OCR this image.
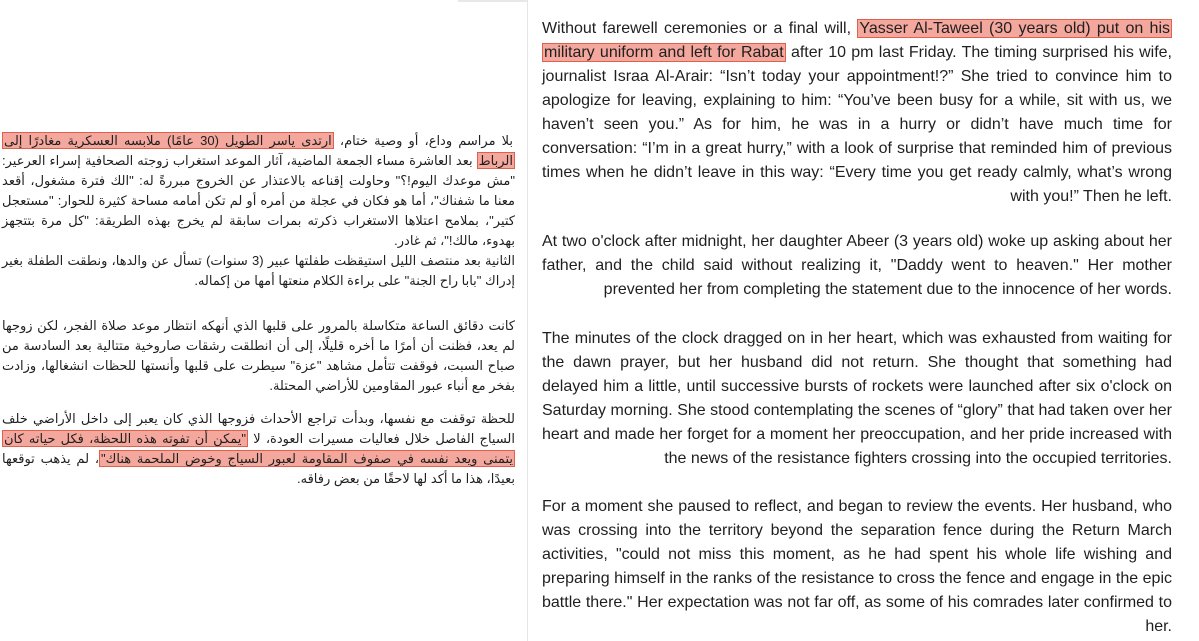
بلا مراسم وداع، أو وصية ختام، ارتدى ياسر الطويل (30 عامًا) ملابسه العسكرية مغادرًا إلى الرباط بعد العاشرة مساء الجمعة الماضية، آثار الموعد استغراب زوجته الصحافية إسراء العرعير: "مش موعدك اليوم!؟" وحاولت إقناعه بالاعتذار عن الخروج مبررةً له: "الك فترة مشغول، أقعد معنا ما شفناك"، أما هو فكان في عجلة من أمره أو لم تكن أمامه مساحة كثيرة للحوار: "مستعجل كتير"، بملامح اعتلاها الاستغراب ذكرته بمرات سابقة لم يخرج بهذه الطريقة: "كل مرة بتتجهز بهدوء، مالك!"، ثم غادر.

الثانية بعد منتصف الليل استيقظت طفلتها عبير (3 سنوات) تسأل عن والدها، ونطقت الطفلة بغير إدراك "بابا راح الجنة" على براءة الكلام منعتها أمها من إكماله.

كانت دقائق الساعة متكاسلة بالمرور على قلبها الذي أنهكه انتظار موعد صلاة الفجر، لكن زوجها لم يعد، فظنت أن أمرًا ما أخره قليلًا، إلى أن انطلقت رشقات صاروخية متتالية بعد السادسة من صباح السبت، فوقفت تتأمل مشاهد "عزة" سيطرت على قلبها وأنستها للحظات انشغالها، وزادت بفخر مع أنباء عبور المقاومين للأراضي المحتلة.

للحظة توقفت مع نفسها، وبدأت تراجع الأحداث فزوجها الذي كان يعبر إلى داخل الأراضي خلف السياج الفاصل خلال فعاليات مسيرات العودة، لا "يمكن أن تفوته هذه اللحظة، فكل حياته كان يتمنى ويعد نفسه في صفوف المقاومة لعبور السياج وخوض الملحمة هناك"، لم يذهب توقعها بعيدًا، هذا ما أكد لها لاحقًا من بعض رفاقه.

Without farewell ceremonies or a final will, Yasser Al-Taweel (30 years old) put on his military uniform and left for Rabat after 10 pm last Friday. The timing surprised his wife, journalist Israa Al-Arair: “Isn’t today your appointment!?” She tried to convince him to apologize for leaving, explaining to him: “You’ve been busy for a while, sit with us, we haven’t seen you.” As for him, he was in a hurry or didn’t have much time for conversation: “I’m in a great hurry,” with a look of surprise that reminded him of previous times when he didn’t leave in this way: “Every time you get ready calmly, what’s wrong with you!” Then he left.

At two o'clock after midnight, her daughter Abeer (3 years old) woke up asking about her father, and the child said without realizing it, "Daddy went to heaven." Her mother prevented her from completing the statement due to the innocence of her words.

The minutes of the clock dragged on in her heart, which was exhausted from waiting for the dawn prayer, but her husband did not return. She thought that something had delayed him a little, until successive bursts of rockets were launched after six o'clock on Saturday morning. She stood contemplating the scenes of “glory” that had taken over her heart and made her forget for a moment her preoccupation, and her pride increased with the news of the resistance fighters crossing into the occupied territories.

For a moment she paused to reflect, and began to review the events. Her husband, who was crossing into the territory beyond the separation fence during the Return March activities, "could not miss this moment, as he had spent his whole life wishing and preparing himself in the ranks of the resistance to cross the fence and engage in the epic battle there." Her expectation was not far off, as some of his comrades later confirmed to her.
